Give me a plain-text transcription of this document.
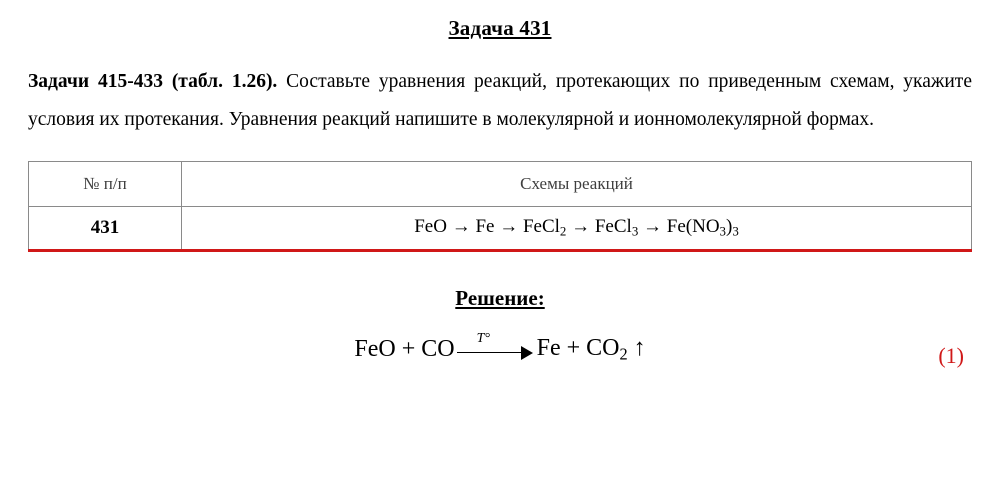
Задача 431

Задачи 415-433 (табл. 1.26). Составьте уравнения реакций, протекающих по приведенным схемам, укажите условия их протекания. Уравнения реакций напишите в молекулярной и ионномолекулярной формах.

№ п/п	Схемы реакций
431	FeO → Fe → FeCl$_2$ → FeCl$_3$ → $Fe(NO_3)_3$
Решение:
FeO + CO T° $Fe + CO_2$ ↑	(1)
